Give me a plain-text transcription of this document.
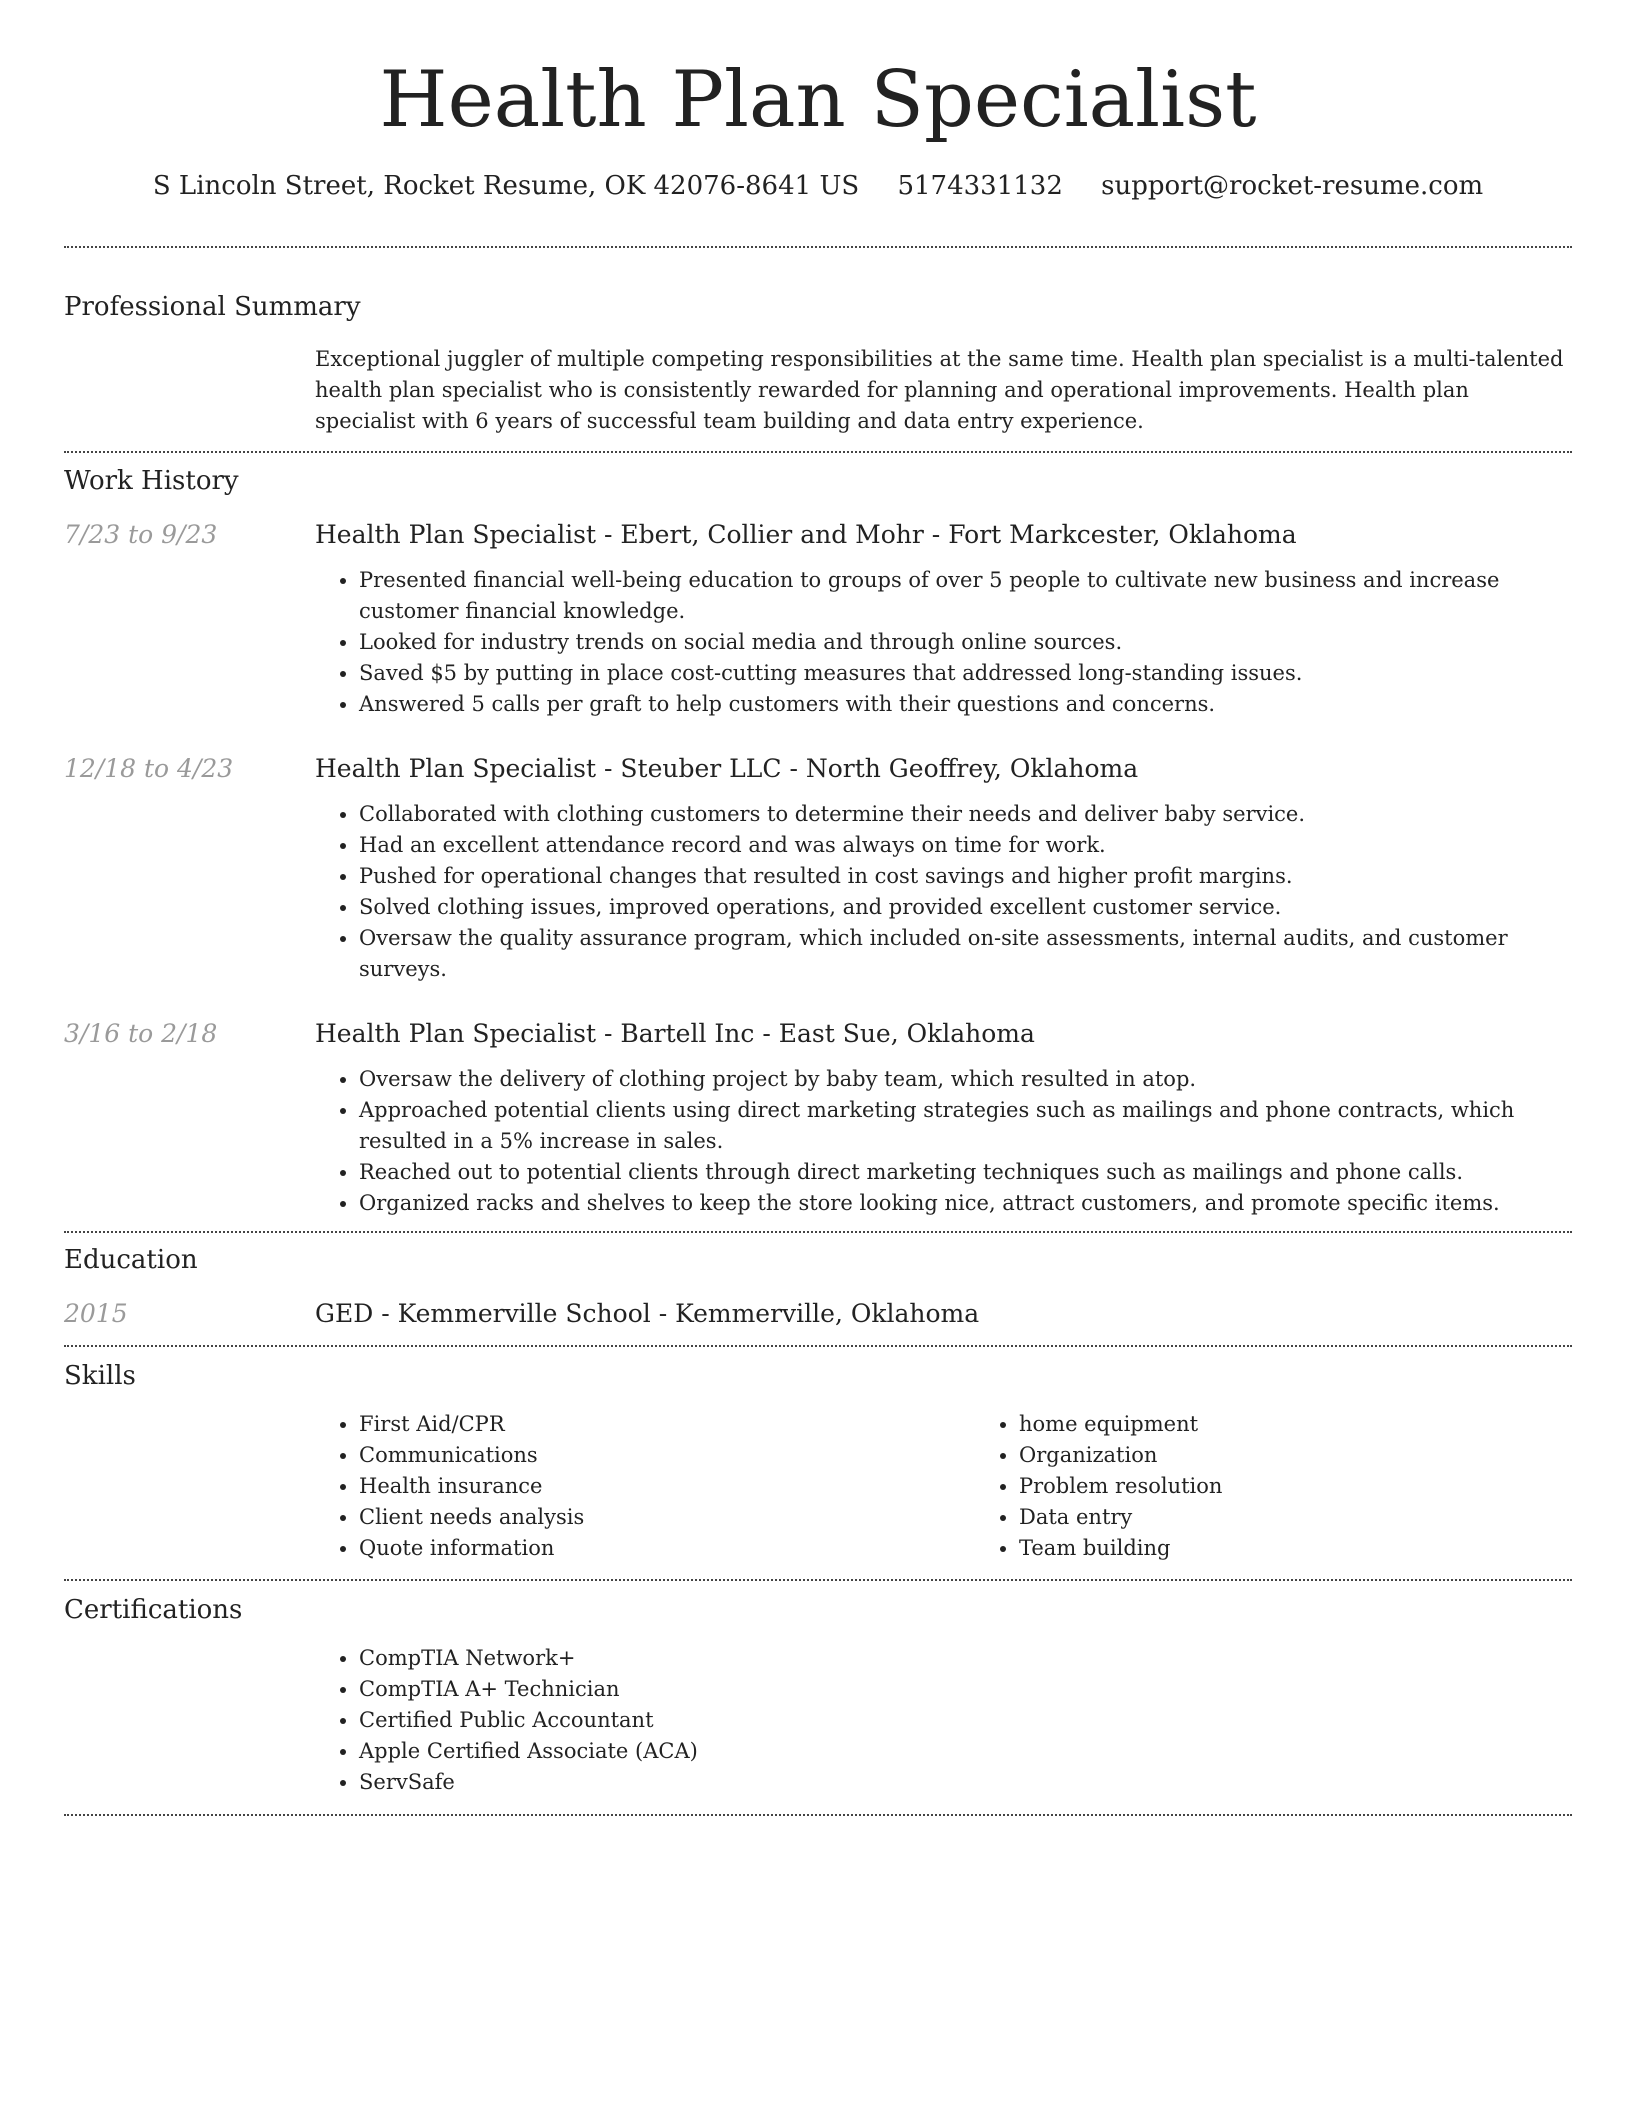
Health Plan Specialist
S Lincoln Street, Rocket Resume, OK 42076-8641 US 5174331132 support@rocket-resume.com
Professional Summary
Exceptional juggler of multiple competing responsibilities at the same time. Health plan specialist is a multi-talented health plan specialist who is consistently rewarded for planning and operational improvements. Health plan specialist with 6 years of successful team building and data entry experience.
Work History
7/23 to 9/23	Health Plan Specialist - Ebert, Collier and Mohr - Fort Markcester, Oklahoma
• Presented financial well-being education to groups of over 5 people to cultivate new business and increase customer financial knowledge.
• Looked for industry trends on social media and through online sources.
• Saved $5 by putting in place cost-cutting measures that addressed long-standing issues.
• Answered 5 calls per graft to help customers with their questions and concerns.
12/18 to 4/23	Health Plan Specialist - Steuber LLC - North Geoffrey, Oklahoma
• Collaborated with clothing customers to determine their needs and deliver baby service.
• Had an excellent attendance record and was always on time for work.
• Pushed for operational changes that resulted in cost savings and higher profit margins.
• Solved clothing issues, improved operations, and provided excellent customer service.
• Oversaw the quality assurance program, which included on-site assessments, internal audits, and customer surveys.
3/16 to 2/18	Health Plan Specialist - Bartell Inc - East Sue, Oklahoma
• Oversaw the delivery of clothing project by baby team, which resulted in atop.
• Approached potential clients using direct marketing strategies such as mailings and phone contracts, which resulted in a 5% increase in sales.
• Reached out to potential clients through direct marketing techniques such as mailings and phone calls.
• Organized racks and shelves to keep the store looking nice, attract customers, and promote specific items.
Education
2015	GED - Kemmerville School - Kemmerville, Oklahoma
Skills
• First Aid/CPR
• Communications
• Health insurance
• Client needs analysis
• Quote information
• home equipment
• Organization
• Problem resolution
• Data entry
• Team building
Certifications
• CompTIA Network+
• CompTIA A+ Technician
• Certified Public Accountant
• Apple Certified Associate (ACA)
• ServSafe
